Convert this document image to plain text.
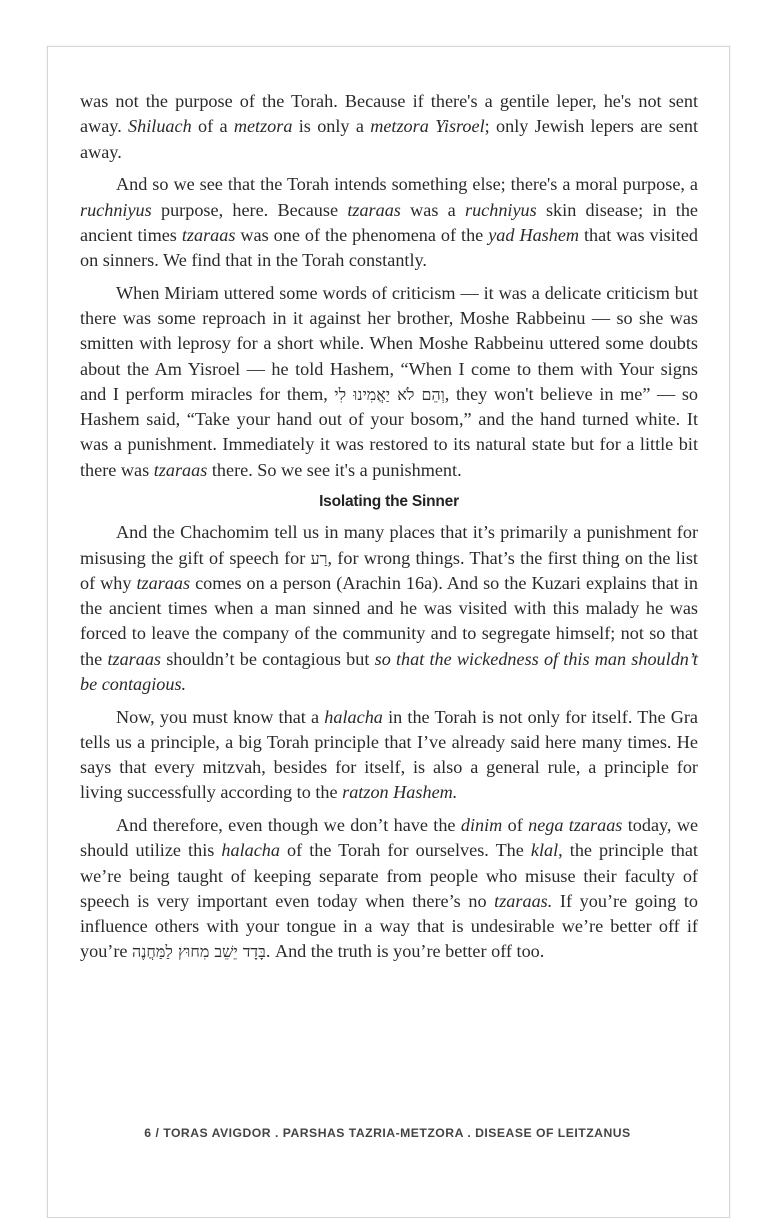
was not the purpose of the Torah. Because if there's a gentile leper, he's not sent away. Shiluach of a metzora is only a metzora Yisroel; only Jewish lepers are sent away.

And so we see that the Torah intends something else; there's a moral purpose, a ruchniyus purpose, here. Because tzaraas was a ruchniyus skin disease; in the ancient times tzaraas was one of the phenomena of the yad Hashem that was visited on sinners. We find that in the Torah constantly.

When Miriam uttered some words of criticism — it was a delicate criticism but there was some reproach in it against her brother, Moshe Rabbeinu — so she was smitten with leprosy for a short while. When Moshe Rabbeinu uttered some doubts about the Am Yisroel — he told Hashem, “When I come to them with Your signs and I perform miracles for them, וְהֵם לֹא יַאֲמִינוּ לִי, they won't believe in me” — so Hashem said, “Take your hand out of your bosom,” and the hand turned white. It was a punishment. Immediately it was restored to its natural state but for a little bit there was tzaraas there. So we see it's a punishment.

Isolating the Sinner

And the Chachomim tell us in many places that it’s primarily a punishment for misusing the gift of speech for רַע, for wrong things. That’s the first thing on the list of why tzaraas comes on a person (Arachin 16a). And so the Kuzari explains that in the ancient times when a man sinned and he was visited with this malady he was forced to leave the company of the community and to segregate himself; not so that the tzaraas shouldn’t be contagious but so that the wickedness of this man shouldn’t be contagious.

Now, you must know that a halacha in the Torah is not only for itself. The Gra tells us a principle, a big Torah principle that I’ve already said here many times. He says that every mitzvah, besides for itself, is also a general rule, a principle for living successfully according to the ratzon Hashem.

And therefore, even though we don’t have the dinim of nega tzaraas today, we should utilize this halacha of the Torah for ourselves. The klal, the principle that we’re being taught of keeping separate from people who misuse their faculty of speech is very important even today when there’s no tzaraas. If you’re going to influence others with your tongue in a way that is undesirable we’re better off if you’re בָּדָד יֵשֵׁב מִחוּץ לַמַּחֲנֶה. And the truth is you’re better off too.

6 / TORAS AVIGDOR . PARSHAS TAZRIA-METZORA . DISEASE OF LEITZANUS
